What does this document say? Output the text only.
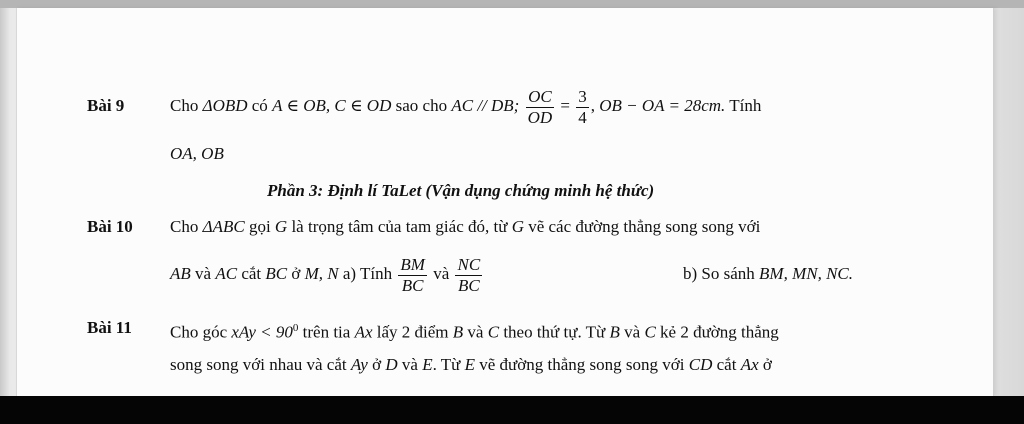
Bài 9	Cho ΔOBD có A ∈ OB, C ∈ OD sao cho AC // DB; $\frac{OC}{OD} = \frac{3}{4}$ , OB − OA = 28cm. Tính
OA, OB
Phần 3: Định lí TaLet (Vận dụng chứng minh hệ thức)
Bài 10 Cho ΔABC gọi G là trọng tâm của tam giác đó, từ G vẽ các đường thẳng song song với
AB và AC cắt BC ở M, N a) Tính $\frac{BM}{BC}$ và $\frac{NC}{BC}$	b) So sánh BM, MN, NC.
Bài 11 Cho góc xAy < $90^0$ trên tia Ax lấy 2 điểm B và C theo thứ tự. Từ B và C kẻ 2 đường thẳng
song song với nhau và cắt Ay ở D và E. Từ E vẽ đường thẳng song song với CD cắt Ax ở
